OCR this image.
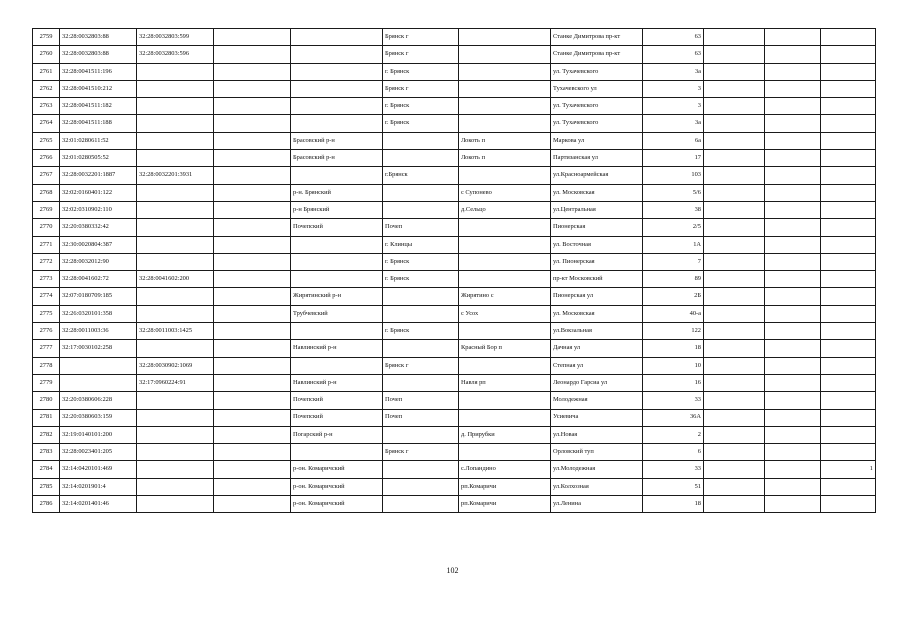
2759	32:28:0032803:88	32:28:0032803:599			Брянск г		Станке Димитрова пр-кт	63			
2760	32:28:0032803:88	32:28:0032803:596			Брянск г		Станке Димитрова пр-кт	63			
2761	32:28:0041511:196				г. Брянск		ул. Тухачевского	3а			
2762	32:28:0041510:212				Брянск г		Тухачевского ул	3			
2763	32:28:0041511:182				г. Брянск		ул. Тухачевского	3			
2764	32:28:0041511:188				г. Брянск		ул. Тухачевского	3а			
2765	32:01:0280611:52			Брасовский р-н		Локоть п	Маркова ул	6а			
2766	32:01:0280505:52			Брасовский р-н		Локоть п	Партизанская ул	17			
2767	32:28:0032201:1887	32:28:0032201:3931			г.Брянск		ул.Красноармейская	103			
2768	32:02:0160401:122			р-н. Брянский		с Супонево	ул. Московская	5/6			
2769	32:02:0310902:110			р-н Брянский		д.Сельцо	ул.Центральная	38			
2770	32:20:0380332:42			Почепский	Почеп		Пионерская	2/5			
2771	32:30:0020804:387				г. Клинцы		ул. Восточная	1А			
2772	32:28:0032012:90				г. Брянск		ул. Пионерская	7			
2773	32:28:0041602:72	32:28:0041602:200			г. Брянск		пр-кт Московский	89			
2774	32:07:0180709:185			Жирятинский р-н		Жирятино с	Пионерская ул	2Б			
2775	32:26:0320101:358			Трубчевский		с Усох	ул. Московская	40-а			
2776	32:28:0011003:36	32:28:0011003:1425			г. Брянск		ул.Вокзальная	122			
2777	32:17:0030102:258			Навлинский р-н		Красный Бор п	Дачная ул	18			
2778		32:28:0030902:1069			Брянск г		Степная ул	10			
2779		32:17:0960224:91		Навлинский р-н		Навля рп	Леонардо Гарсиа ул	16			
2780	32:20:0380606:228			Почепский	Почеп		Молодежная	33			
2781	32:20:0380603:159			Почепский	Почеп		Усиевича	36А			
2782	32:19:0140101:200			Погарский р-н		д. Прирубки	ул.Новая	2			
2783	32:28:0023401:205				Брянск г		Орловский туп	6			
2784	32:14:0420101:469			р-он. Комаричский		с.Лопандино	ул.Молодежная	33			1
2785	32:14:0201901:4			р-он. Комаричский		рп.Комаричи	ул.Колхозная	51			
2786	32:14:0201401:46			р-он. Комаричский		рп.Комаричи	ул.Ленина	18			
102
